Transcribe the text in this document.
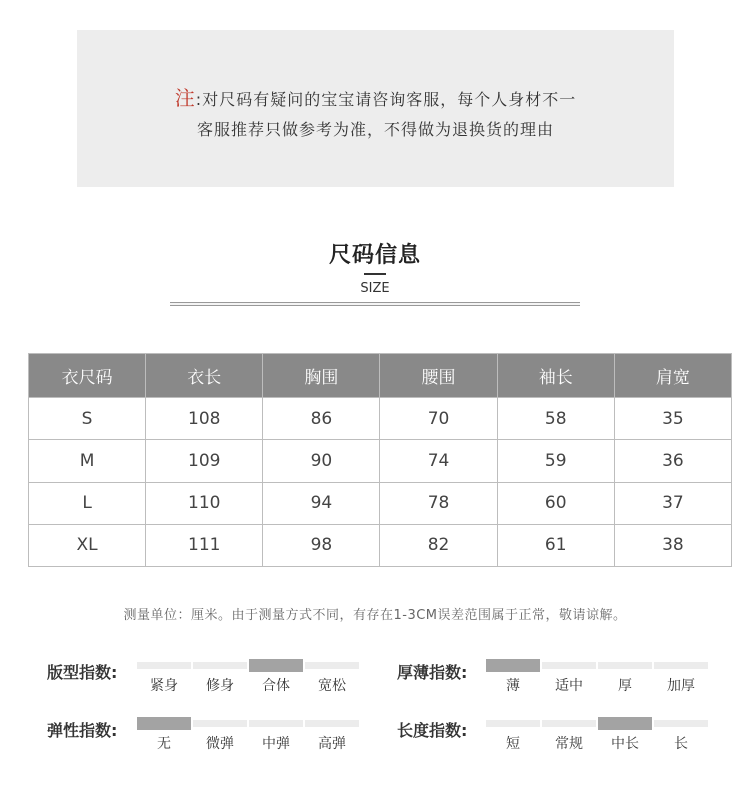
注:对尺码有疑问的宝宝请咨询客服，每个人身材不一
客服推荐只做参考为准，不得做为退换货的理由
尺码信息
SIZE
衣尺码	衣长	胸围	腰围	袖长	肩宽
S	108	86	70	58	35
M	109	90	74	59	36
L	110	94	78	60	37
XL	111	98	82	61	38
测量单位：厘米。由于测量方式不同，有存在1-3CM误差范围属于正常，敬请谅解。
版型指数:
紧身	修身	合体	宽松
厚薄指数:
薄	适中	厚	加厚
弹性指数:
无	微弹	中弹	高弹
长度指数:
短	常规	中长	长
